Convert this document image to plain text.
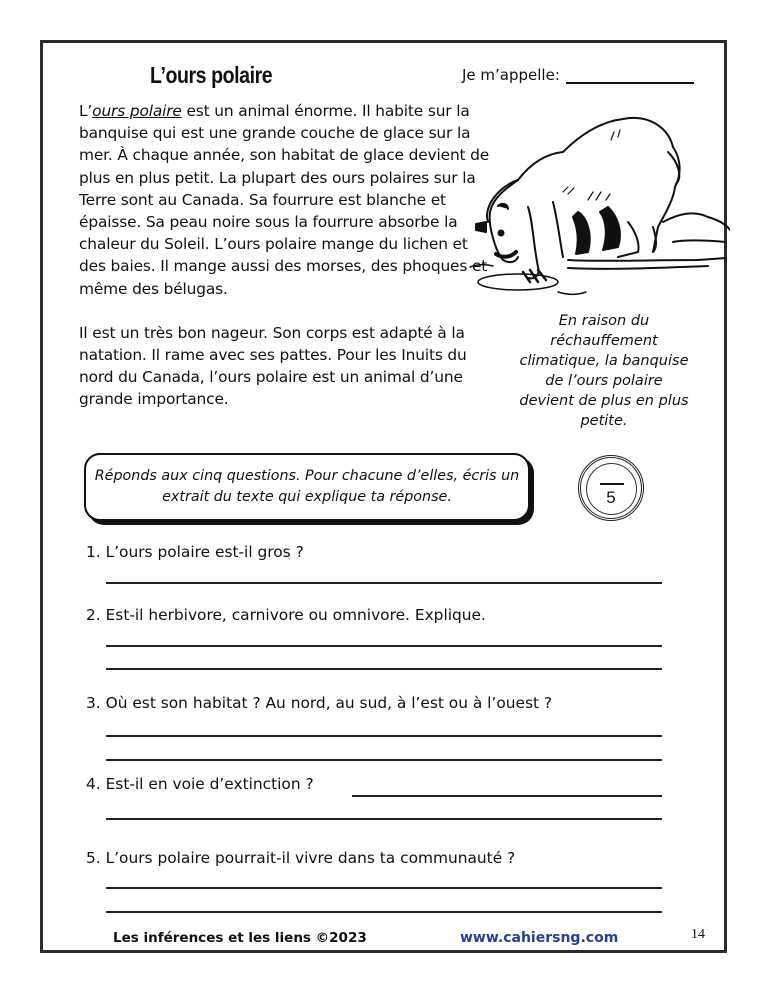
L’ours polaire	Je m’appelle:

L’ours polaire est un animal énorme. Il habite sur la banquise qui est une grande couche de glace sur la mer. À chaque année, son habitat de glace devient de plus en plus petit. La plupart des ours polaires sur la Terre sont au Canada. Sa fourrure est blanche et épaisse. Sa peau noire sous la fourrure absorbe la chaleur du Soleil. L’ours polaire mange du lichen et des baies. Il mange aussi des morses, des phoques et même des bélugas.

Il est un très bon nageur. Son corps est adapté à la natation. Il rame avec ses pattes. Pour les Inuits du nord du Canada, l’ours polaire est un animal d’une grande importance.

En raison du réchauffement climatique, la banquise de l’ours polaire devient de plus en plus petite.
Réponds aux cinq questions. Pour chacune d’elles, écris un extrait du texte qui explique ta réponse.	5
1. L’ours polaire est-il gros ?
2. Est-il herbivore, carnivore ou omnivore. Explique.
3. Où est son habitat ? Au nord, au sud, à l’est ou à l’ouest ?
4. Est-il en voie d’extinction ?
5. L’ours polaire pourrait-il vivre dans ta communauté ?
Les inférences et les liens ©2023	www.cahiersng.com	14
